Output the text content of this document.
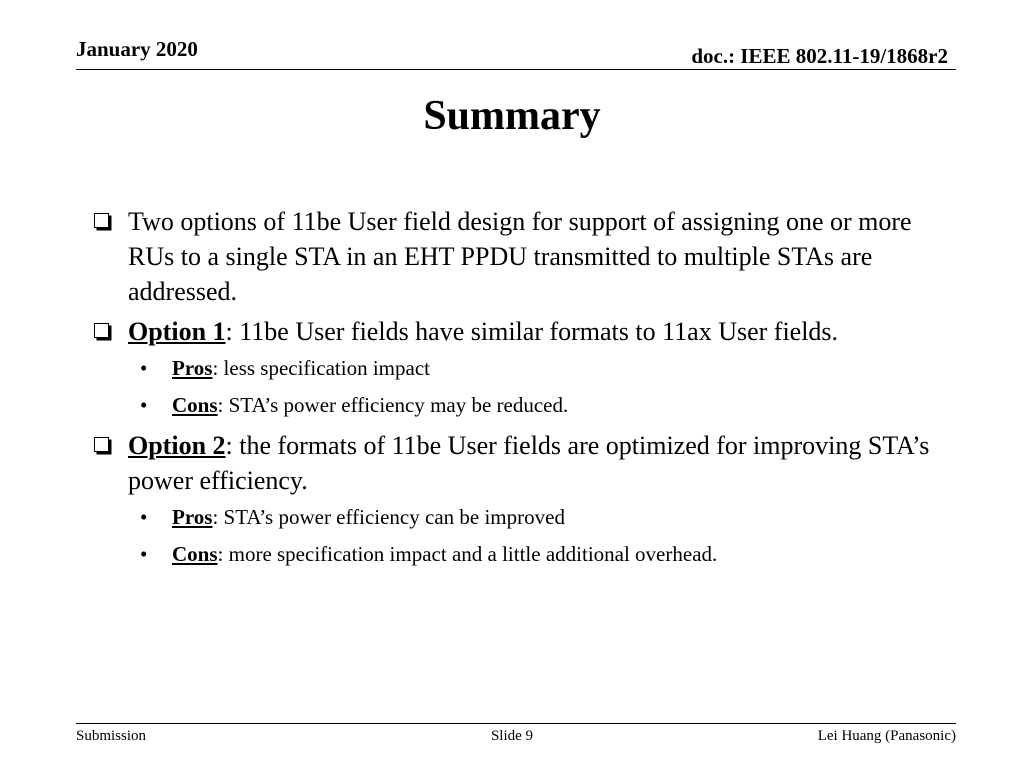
January 2020	doc.: IEEE 802.11-19/1868r2
Summary
Two options of 11be User field design for support of assigning one or more RUs to a single STA in an EHT PPDU transmitted to multiple STAs are addressed.
Option 1: 11be User fields have similar formats to 11ax User fields.
• Pros: less specification impact
• Cons: STA’s power efficiency may be reduced.
Option 2: the formats of 11be User fields are optimized for improving STA’s power efficiency.
• Pros: STA’s power efficiency can be improved
• Cons: more specification impact and a little additional overhead.
Submission	Slide 9	Lei Huang (Panasonic)
